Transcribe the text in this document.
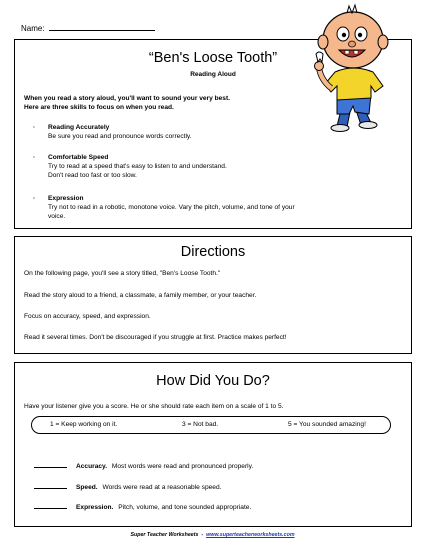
Name:
“Ben's Loose Tooth”
Reading Aloud
When you read a story aloud, you'll want to sound your very best.
Here are three skills to focus on when you read.
· Reading Accurately
Be sure you read and pronounce words correctly.
· Comfortable Speed
Try to read at a speed that's easy to listen to and understand.
Don't read too fast or too slow.
· Expression
Try not to read in a robotic, monotone voice. Vary the pitch, volume, and tone of your
voice.
Directions
On the following page, you'll see a story titled, "Ben's Loose Tooth."
Read the story aloud to a friend, a classmate, a family member, or your teacher.
Focus on accuracy, speed, and expression.
Read it several times. Don't be discouraged if you struggle at first. Practice makes perfect!
How Did You Do?
Have your listener give you a score. He or she should rate each item on a scale of 1 to 5.
1 = Keep working on it.	3 = Not bad.	5 = You sounded amazing!
Accuracy. Most words were read and pronounced properly.
Speed. Words were read at a reasonable speed.
Expression. Pitch, volume, and tone sounded appropriate.
Super Teacher Worksheets - www.superteacherworksheets.com
